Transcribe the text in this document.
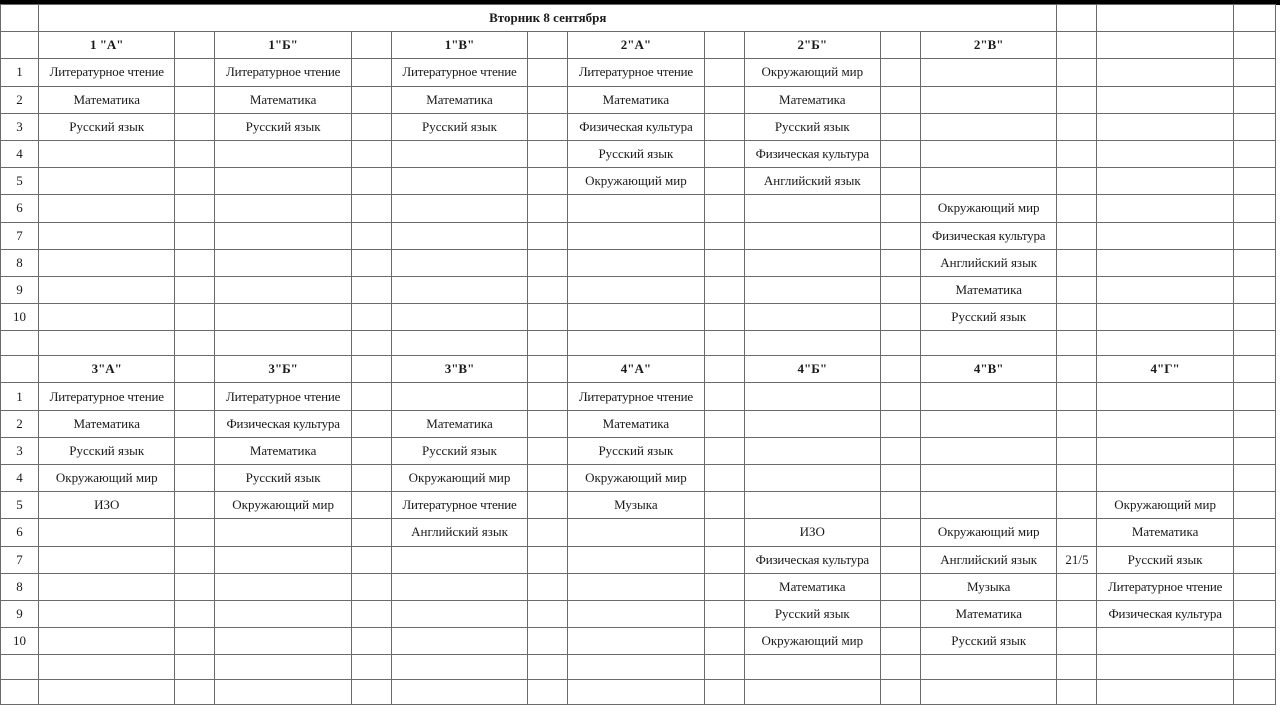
	Вторник 8 сентября													
	1 "А"		1"Б"		1"В"		2"А"		2"Б"		2"В"			
1	Литературное чтение		Литературное чтение		Литературное чтение		Литературное чтение		Окружающий мир					
2	Математика		Математика		Математика		Математика		Математика					
3	Русский язык		Русский язык		Русский язык		Физическая культура		Русский язык					
4							Русский язык		Физическая культура					
5							Окружающий мир		Английский язык					
6											Окружающий мир			
7											Физическая культура			
8											Английский язык			
9											Математика			
10											Русский язык			

	3"А"		3"Б"		3"В"		4"А"		4"Б"		4"В"		4"Г"	
1	Литературное чтение		Литературное чтение				Литературное чтение							
2	Математика		Физическая культура		Математика		Математика							
3	Русский язык		Математика		Русский язык		Русский язык							
4	Окружающий мир		Русский язык		Окружающий мир		Окружающий мир							
5	ИЗО		Окружающий мир		Литературное чтение		Музыка						Окружающий мир	
6					Английский язык				ИЗО		Окружающий мир		Математика	
7									Физическая культура		Английский язык	21/5	Русский язык	
8									Математика		Музыка		Литературное чтение	
9									Русский язык		Математика		Физическая культура	
10									Окружающий мир		Русский язык			
